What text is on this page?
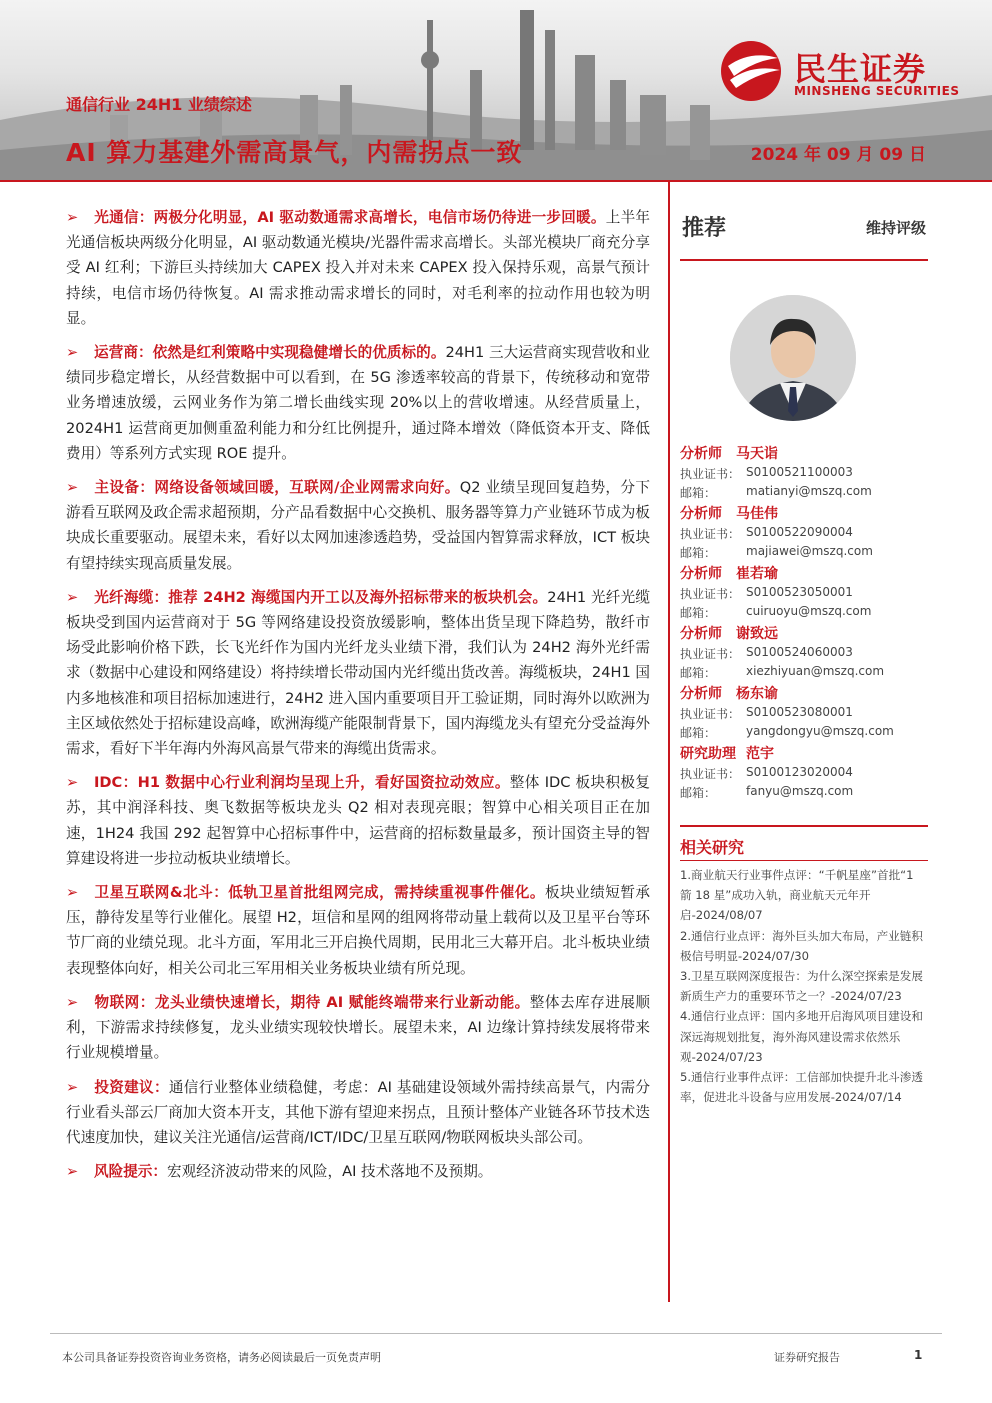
通信行业 24H1 业绩综述
AI 算力基建外需高景气，内需拐点一致	2024 年 09 月 09 日
民生证券
MINSHENG SECURITIES

➢ 光通信：两极分化明显，AI 驱动数通需求高增长，电信市场仍待进一步回暖。上半年光通信板块两级分化明显，AI 驱动数通光模块/光器件需求高增长。头部光模块厂商充分享受 AI 红利；下游巨头持续加大 CAPEX 投入并对未来 CAPEX 投入保持乐观，高景气预计持续，电信市场仍待恢复。AI 需求推动需求增长的同时，对毛利率的拉动作用也较为明显。

➢ 运营商：依然是红利策略中实现稳健增长的优质标的。24H1 三大运营商实现营收和业绩同步稳定增长，从经营数据中可以看到，在 5G 渗透率较高的背景下，传统移动和宽带业务增速放缓，云网业务作为第二增长曲线实现 20%以上的营收增速。从经营质量上，2024H1 运营商更加侧重盈利能力和分红比例提升，通过降本增效（降低资本开支、降低费用）等系列方式实现 ROE 提升。

➢ 主设备：网络设备领域回暖，互联网/企业网需求向好。Q2 业绩呈现回复趋势，分下游看互联网及政企需求超预期，分产品看数据中心交换机、服务器等算力产业链环节成为板块成长重要驱动。展望未来，看好以太网加速渗透趋势，受益国内智算需求释放，ICT 板块有望持续实现高质量发展。

➢ 光纤海缆：推荐 24H2 海缆国内开工以及海外招标带来的板块机会。24H1 光纤光缆板块受到国内运营商对于 5G 等网络建设投资放缓影响，整体出货呈现下降趋势，散纤市场受此影响价格下跌，长飞光纤作为国内光纤龙头业绩下滑，我们认为 24H2 海外光纤需求（数据中心建设和网络建设）将持续增长带动国内光纤缆出货改善。海缆板块，24H1 国内多地核准和项目招标加速进行，24H2 进入国内重要项目开工验证期，同时海外以欧洲为主区域依然处于招标建设高峰，欧洲海缆产能限制背景下，国内海缆龙头有望充分受益海外需求，看好下半年海内外海风高景气带来的海缆出货需求。

➢ IDC：H1 数据中心行业利润均呈现上升，看好国资拉动效应。整体 IDC 板块积极复苏，其中润泽科技、奥飞数据等板块龙头 Q2 相对表现亮眼；智算中心相关项目正在加速，1H24 我国 292 起智算中心招标事件中，运营商的招标数量最多，预计国资主导的智算建设将进一步拉动板块业绩增长。

➢ 卫星互联网&北斗：低轨卫星首批组网完成，需持续重视事件催化。板块业绩短暂承压，静待发星等行业催化。展望 H2，垣信和星网的组网将带动量上载荷以及卫星平台等环节厂商的业绩兑现。北斗方面，军用北三开启换代周期，民用北三大幕开启。北斗板块业绩表现整体向好，相关公司北三军用相关业务板块业绩有所兑现。

➢ 物联网：龙头业绩快速增长，期待 AI 赋能终端带来行业新动能。整体去库存进展顺利，下游需求持续修复，龙头业绩实现较快增长。展望未来，AI 边缘计算持续发展将带来行业规模增量。

➢ 投资建议：通信行业整体业绩稳健，考虑：AI 基础建设领域外需持续高景气，内需分行业看头部云厂商加大资本开支，其他下游有望迎来拐点，且预计整体产业链各环节技术迭代速度加快，建议关注光通信/运营商/ICT/IDC/卫星互联网/物联网板块头部公司。

➢ 风险提示：宏观经济波动带来的风险，AI 技术落地不及预期。

推荐	维持评级
分析师	马天诣
执业证书： S0100521100003
邮箱：	matianyi@mszq.com
分析师	马佳伟
执业证书： S0100522090004
邮箱：	majiawei@mszq.com
分析师	崔若瑜
执业证书： S0100523050001
邮箱：	cuiruoyu@mszq.com
分析师	谢致远
执业证书： S0100524060003
邮箱：	xiezhiyuan@mszq.com
分析师	杨东谕
执业证书： S0100523080001
邮箱：	yangdongyu@mszq.com
研究助理 范宇
执业证书： S0100123020004
邮箱：	fanyu@mszq.com
相关研究
1.商业航天行业事件点评：“千帆星座”首批“1 箭 18 星”成功入轨，商业航天元年开启-2024/08/07
2.通信行业点评：海外巨头加大布局，产业链积极信号明显-2024/07/30
3.卫星互联网深度报告：为什么深空探索是发展新质生产力的重要环节之一？-2024/07/23
4.通信行业点评：国内多地开启海风项目建设和深远海规划批复，海外海风建设需求依然乐观-2024/07/23
5.通信行业事件点评：工信部加快提升北斗渗透率，促进北斗设备与应用发展-2024/07/14
本公司具备证券投资咨询业务资格，请务必阅读最后一页免责声明	证券研究报告	1
